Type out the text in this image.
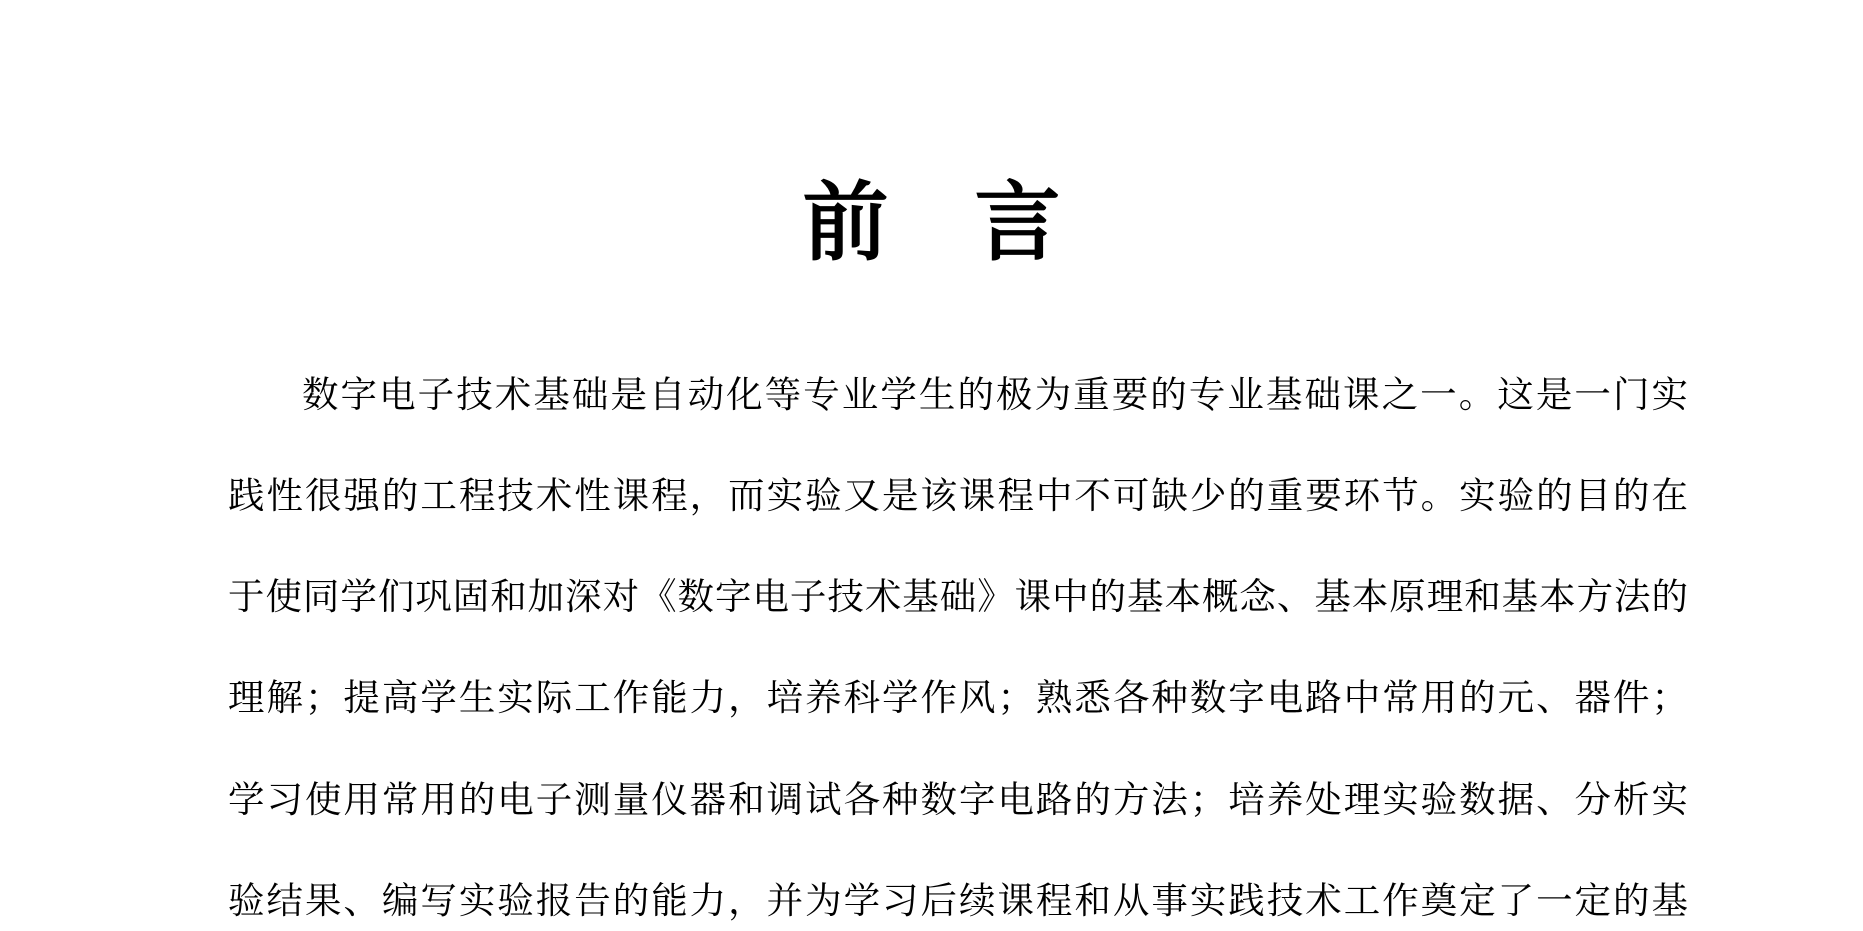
前 言

数字电子技术基础是自动化等专业学生的极为重要的专业基础课之一。这是一门实

践性很强的工程技术性课程，而实验又是该课程中不可缺少的重要环节。实验的目的在

于使同学们巩固和加深对《数字电子技术基础》课中的基本概念、基本原理和基本方法的

理解；提高学生实际工作能力，培养科学作风；熟悉各种数字电路中常用的元、器件；

学习使用常用的电子测量仪器和调试各种数字电路的方法；培养处理实验数据、分析实

验结果、编写实验报告的能力，并为学习后续课程和从事实践技术工作奠定了一定的基
